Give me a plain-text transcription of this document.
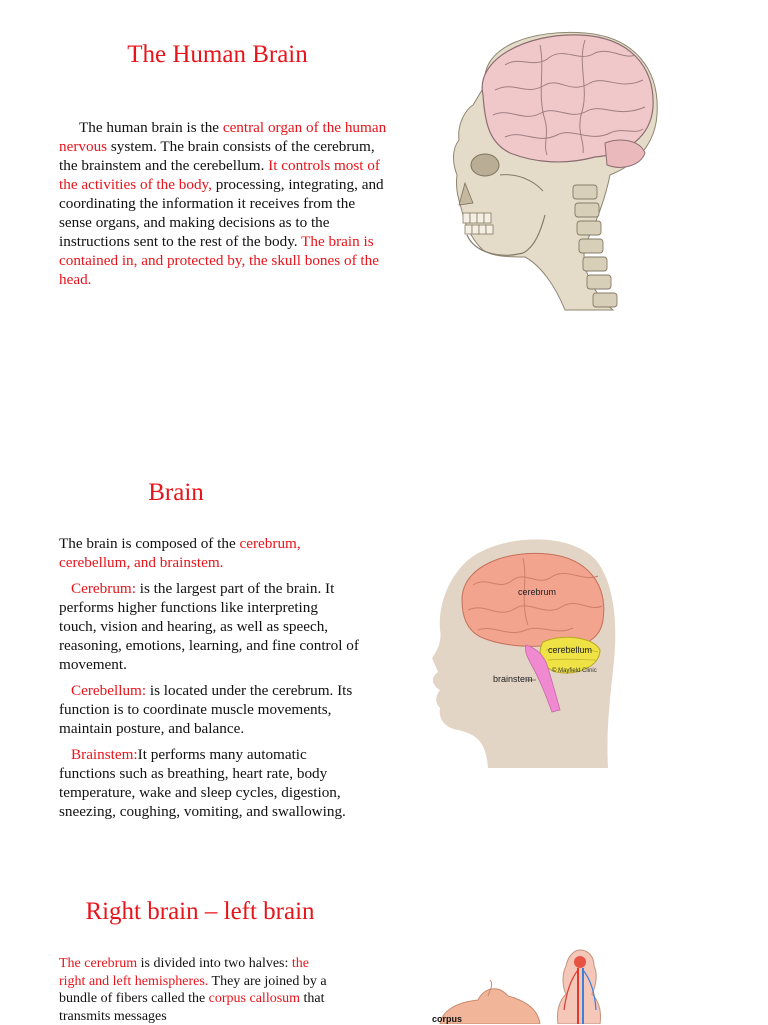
The Human Brain

The human brain is the central organ of the human nervous system. The brain consists of the cerebrum, the brainstem and the cerebellum. It controls most of the activities of the body, processing, integrating, and coordinating the information it receives from the sense organs, and making decisions as to the instructions sent to the rest of the body. The brain is contained in, and protected by, the skull bones of the head.

Brain

The brain is composed of the cerebrum, cerebellum, and brainstem.

Cerebrum: is the largest part of the brain. It performs higher functions like interpreting touch, vision and hearing, as well as speech, reasoning, emotions, learning, and fine control of movement.

Cerebellum: is located under the cerebrum. Its function is to coordinate muscle movements, maintain posture, and balance.

Brainstem:It performs many automatic functions such as breathing, heart rate, body temperature, wake and sleep cycles, digestion, sneezing, coughing, vomiting, and swallowing.

cerebrum
cerebellum
brainstem
© Mayfield Clinic
Right brain – left brain

The cerebrum is divided into two halves: the right and left hemispheres. They are joined by a bundle of fibers called the corpus callosum that transmits messages	corpus
